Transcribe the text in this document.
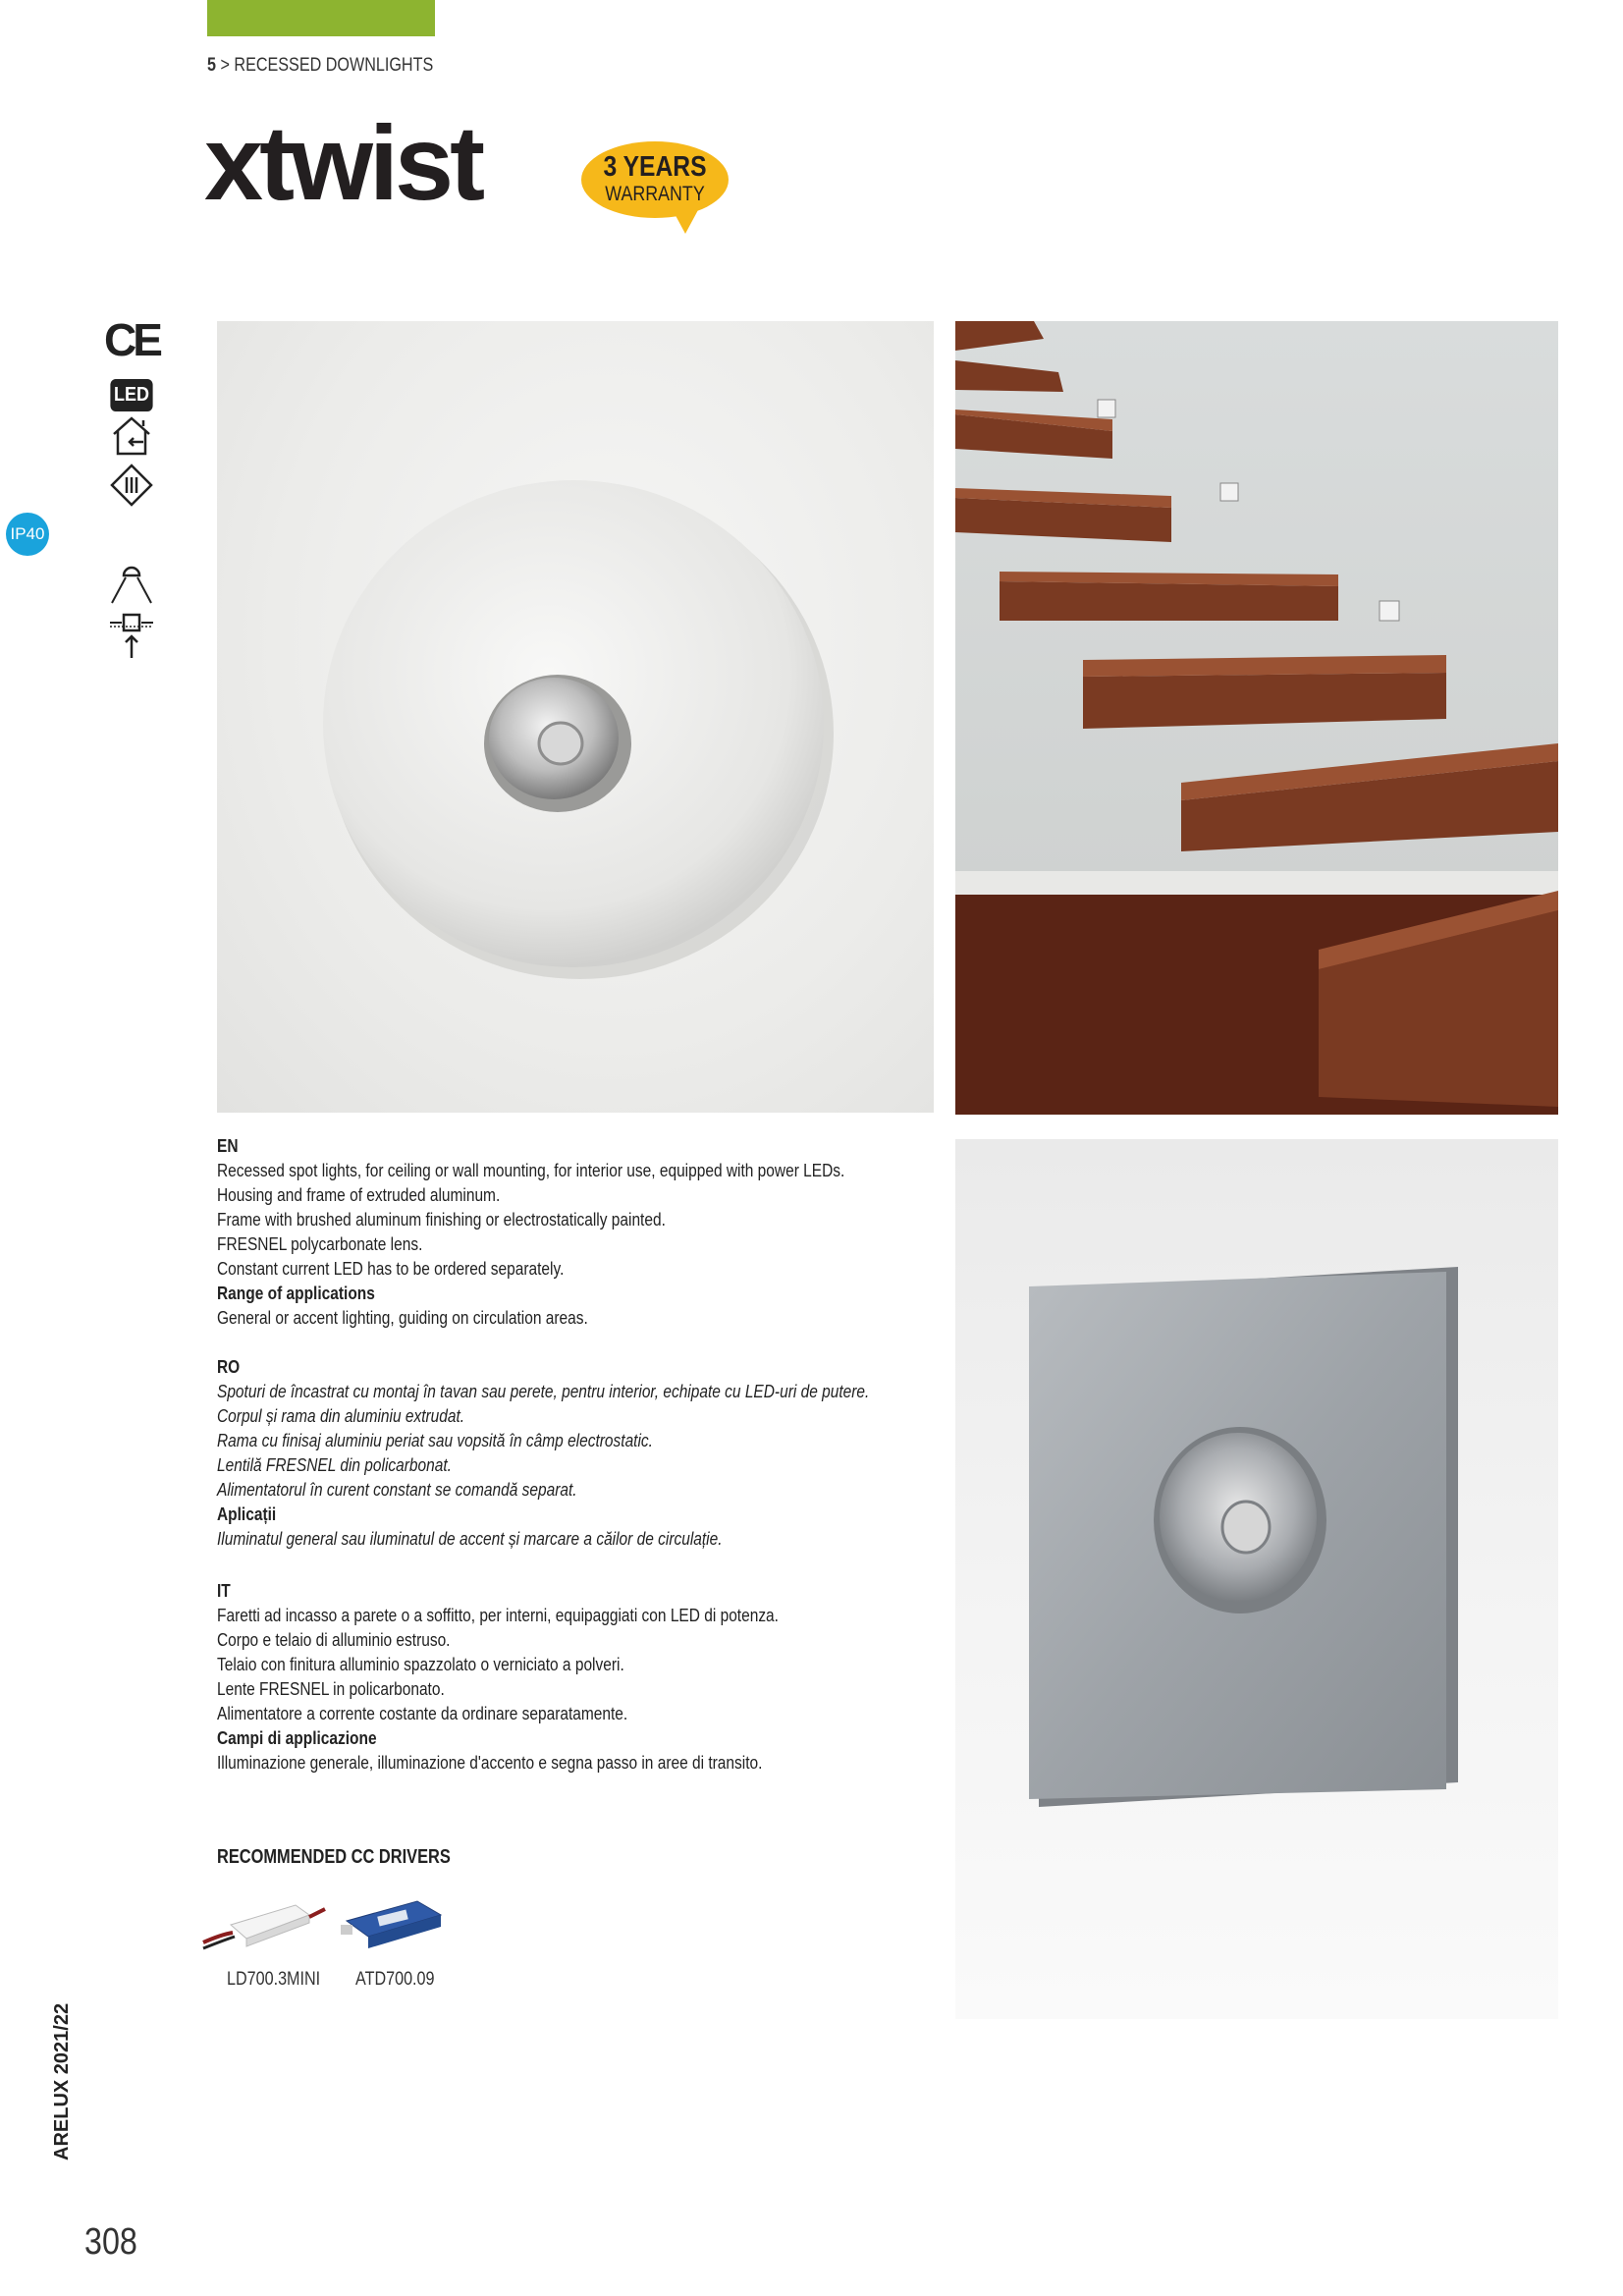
5 > RECESSED DOWNLIGHTS
xtwist	3 YEARS
WARRANTY
CE
LED
IP40
EN
Recessed spot lights, for ceiling or wall mounting, for interior use, equipped with power LEDs.
Housing and frame of extruded aluminum.
Frame with brushed aluminum finishing or electrostatically painted.
FRESNEL polycarbonate lens.
Constant current LED has to be ordered separately.
Range of applications
General or accent lighting, guiding on circulation areas.
RO
Spoturi de încastrat cu montaj în tavan sau perete, pentru interior, echipate cu LED-uri de putere.
Corpul și rama din aluminiu extrudat.
Rama cu finisaj aluminiu periat sau vopsită în câmp electrostatic.
Lentilă FRESNEL din policarbonat.
Alimentatorul în curent constant se comandă separat.
Aplicații
Iluminatul general sau iluminatul de accent și marcare a căilor de circulație.
IT
Faretti ad incasso a parete o a soffitto, per interni, equipaggiati con LED di potenza.
Corpo e telaio di alluminio estruso.
Telaio con finitura alluminio spazzolato o verniciato a polveri.
Lente FRESNEL in policarbonato.
Alimentatore a corrente costante da ordinare separatamente.
Campi di applicazione
Illuminazione generale, illuminazione d'accento e segna passo in aree di transito.
RECOMMENDED CC DRIVERS
LD700.3MINI ATD700.09
ARELUX 2021/22
308
